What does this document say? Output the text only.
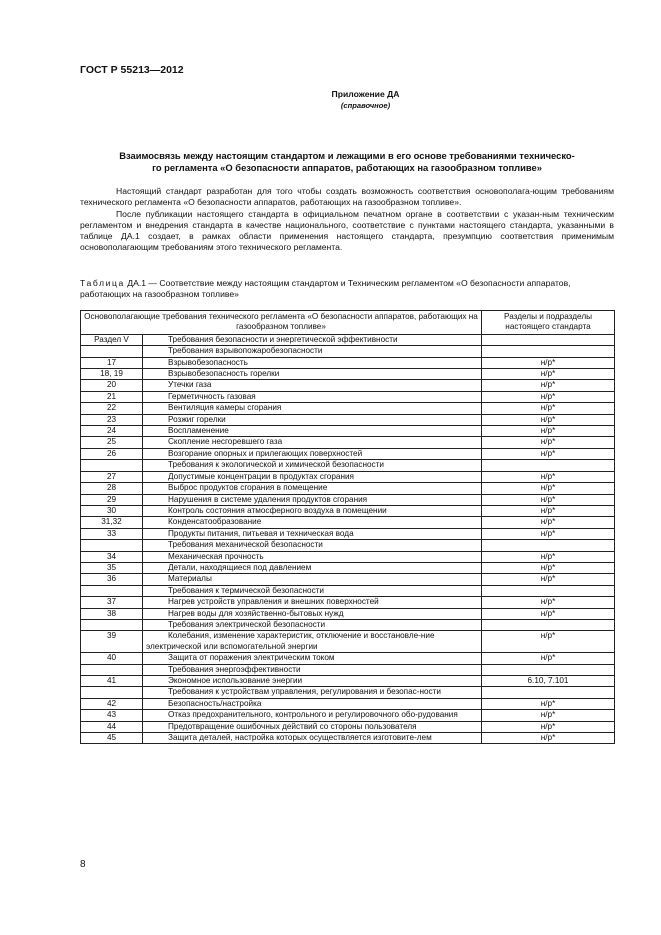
ГОСТ Р 55213—2012
Приложение ДА
(справочное)
Взаимосвязь между настоящим стандартом и лежащими в его основе требованиями техническо-
го регламента «О безопасности аппаратов, работающих на газообразном топливе»

Настоящий стандарт разработан для того чтобы создать возможность соответствия основополага-ющим требованиям технического регламента «О безопасности аппаратов, работающих на газообразном топливе».

После публикации настоящего стандарта в официальном печатном органе в соответствии с указан-ным техническим регламентом и внедрения стандарта в качестве национального, соответствие с пунктами настоящего стандарта, указанными в таблице ДА.1 создает, в рамках области применения настоящего стандарта, презумпцию соответствия применимым основополагающим требованиям этого технического регламента.

Таблица ДА.1 — Соответствие между настоящим стандартом и Техническим регламентом «О безопасности аппаратов, работающих на газообразном топливе»
Основополагающие требования технического регламента «О безопасности аппаратов, работающих на газообразном топливе»		Разделы и подразделы настоящего стандарта
Раздел V	Требования безопасности и энергетической эффективности	
	Требования взрывопожаробезопасности	
17	Взрывобезопасность	н/р*
18, 19	Взрывобезопасность горелки	н/р*
20	Утечки газа	н/р*
21	Герметичность газовая	н/р*
22	Вентиляция камеры сгорания	н/р*
23	Розжиг горелки	н/р*
24	Воспламенение	н/р*
25	Скопление несгоревшего газа	н/р*
26	Возгорание опорных и прилегающих поверхностей	н/р*
	Требования к экологической и химической безопасности	
27	Допустимые концентрации в продуктах сгорания	н/р*
28	Выброс продуктов сгорания в помещение	н/р*
29	Нарушения в системе удаления продуктов сгорания	н/р*
30	Контроль состояния атмосферного воздуха в помещении	н/р*
31,32	Конденсатообразование	н/р*
33	Продукты питания, питьевая и техническая вода	н/р*
	Требования механической безопасности	
34	Механическая прочность	н/р*
35	Детали, находящиеся под давлением	н/р*
36	Материалы	н/р*
	Требования к термической безопасности	
37	Нагрев устройств управления и внешних поверхностей	н/р*
38	Нагрев воды для хозяйственно-бытовых нужд	н/р*
	Требования электрической безопасности	
39	Колебания, изменение характеристик, отключение и восстановле-ние электрической или вспомогательной энергии	н/р*
40	Защита от поражения электрическим током	н/р*
	Требования энергоэффективности	
41	Экономное использование энергии	6.10, 7.101
	Требования к устройствам управления, регулирования и безопас-ности	
42	Безопасность/настройка	н/р*
43	Отказ предохранительного, контрольного и регулировочного обо-рудования	н/р*
44	Предотвращение ошибочных действий со стороны пользователя	н/р*
45	Защита деталей, настройка которых осуществляется изготовите-лем	н/р*
8
